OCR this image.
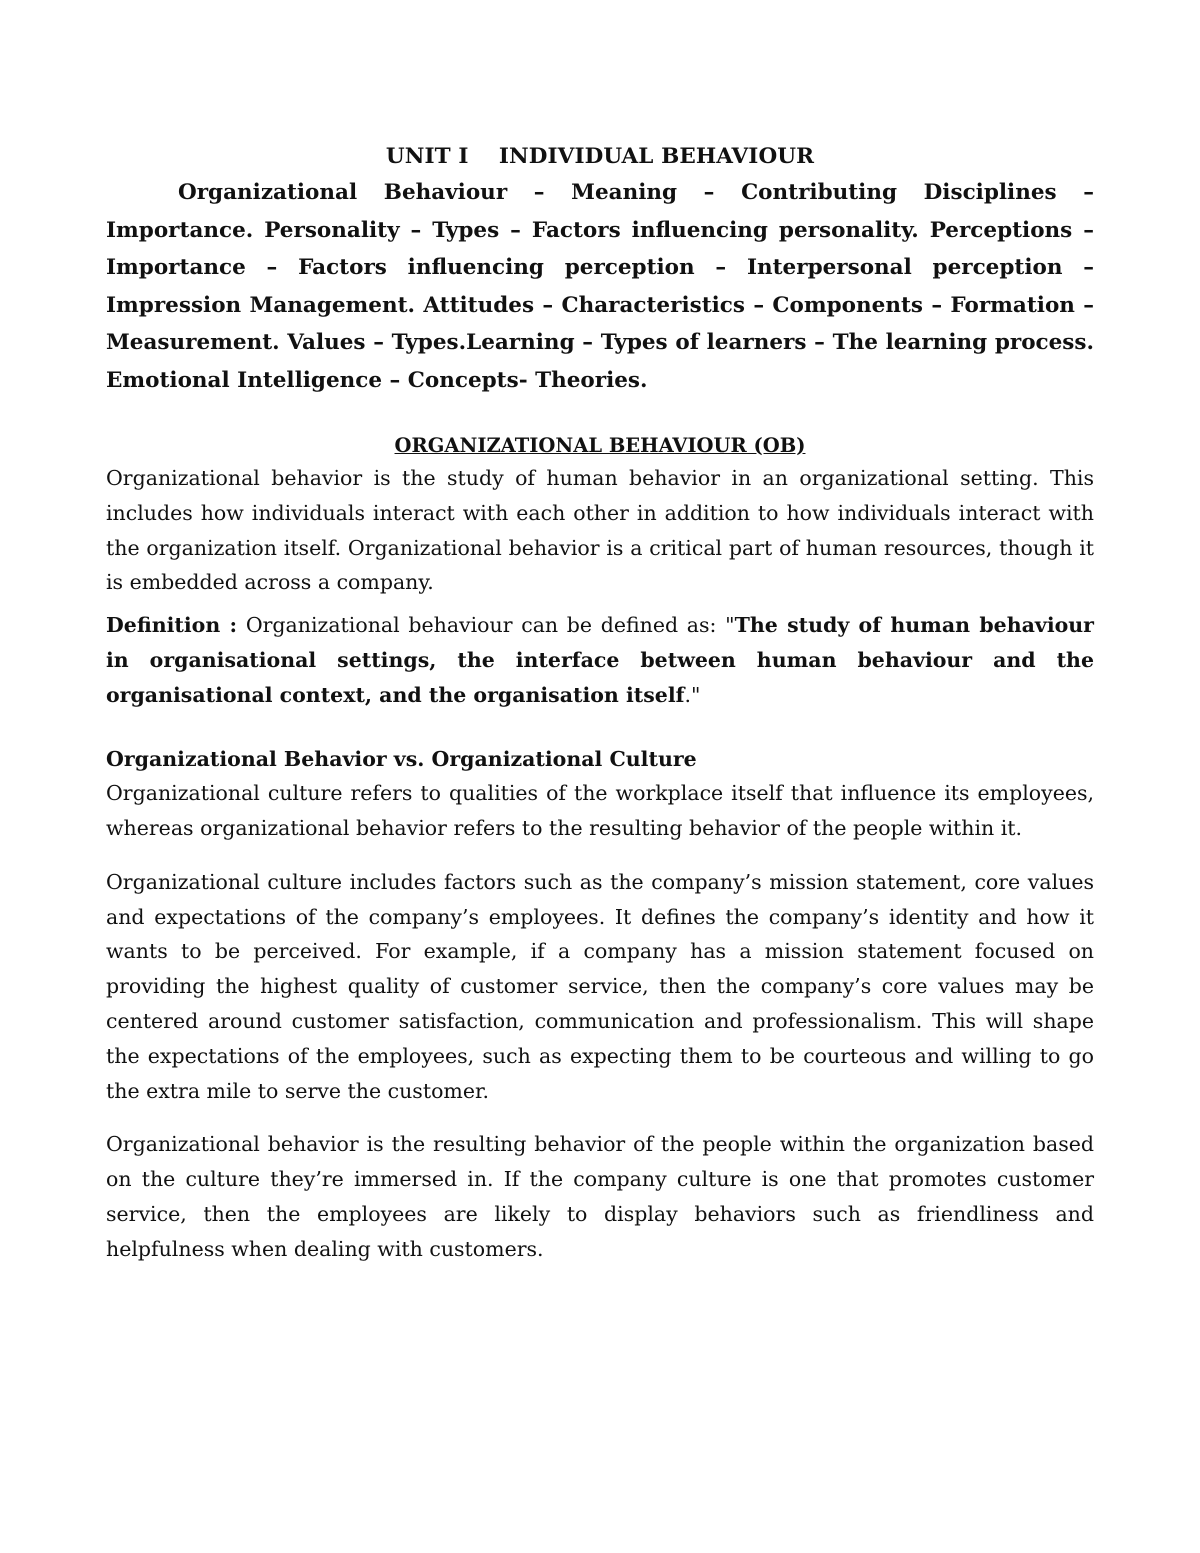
UNIT I    INDIVIDUAL BEHAVIOUR

Organizational Behaviour – Meaning – Contributing Disciplines – Importance. Personality – Types – Factors influencing personality. Perceptions – Importance – Factors influencing perception – Interpersonal perception – Impression Management. Attitudes – Characteristics – Components – Formation – Measurement. Values – Types.Learning – Types of learners – The learning process. Emotional Intelligence – Concepts- Theories.

ORGANIZATIONAL BEHAVIOUR (OB)

Organizational behavior is the study of human behavior in an organizational setting. This includes how individuals interact with each other in addition to how individuals interact with the organization itself. Organizational behavior is a critical part of human resources, though it is embedded across a company.

Definition : Organizational behaviour can be defined as: "The study of human behaviour in organisational settings, the interface between human behaviour and the organisational context, and the organisation itself."

Organizational Behavior vs. Organizational Culture

Organizational culture refers to qualities of the workplace itself that influence its employees, whereas organizational behavior refers to the resulting behavior of the people within it.

Organizational culture includes factors such as the company’s mission statement, core values and expectations of the company’s employees. It defines the company’s identity and how it wants to be perceived. For example, if a company has a mission statement focused on providing the highest quality of customer service, then the company’s core values may be centered around customer satisfaction, communication and professionalism. This will shape the expectations of the employees, such as expecting them to be courteous and willing to go the extra mile to serve the customer.

Organizational behavior is the resulting behavior of the people within the organization based on the culture they’re immersed in. If the company culture is one that promotes customer service, then the employees are likely to display behaviors such as friendliness and helpfulness when dealing with customers.
